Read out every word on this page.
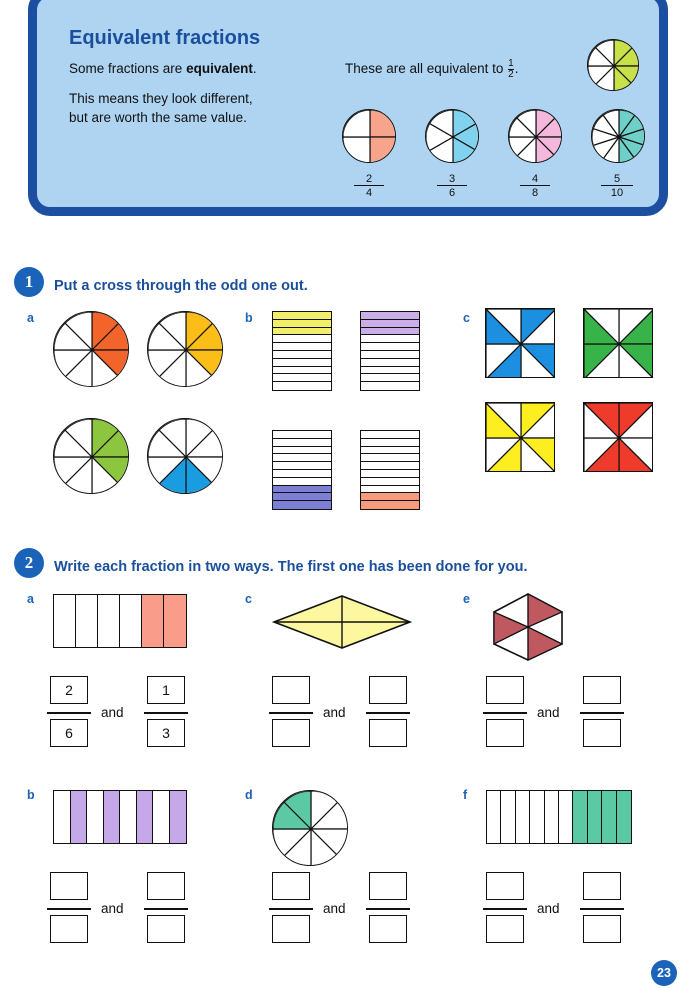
Equivalent fractions
Some fractions are equivalent.
This means they look different,
but are worth the same value.
These are all equivalent to $\frac{1}{2}$ .
$\frac{2}{4}$	$\frac{3}{6}$	$\frac{4}{8}$	$\frac{5}{10}$
1	Put a cross through the odd one out.
a	b	c
2	Write each fraction in two ways. The first one has been done for you.
a
2
6
and
1
3
c
and
e
and
b
and
d
and
f
and
23
